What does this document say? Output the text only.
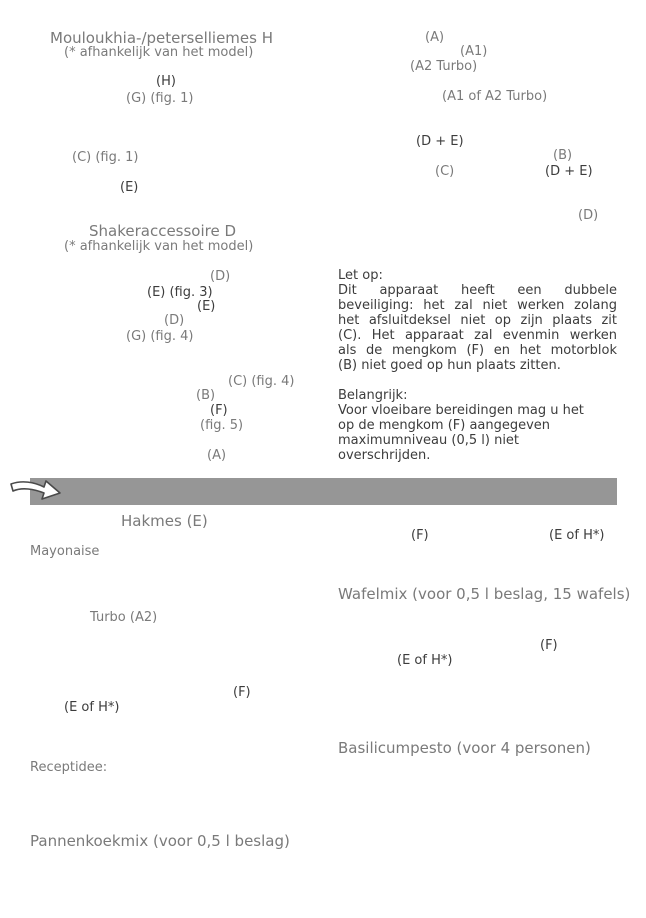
Mouloukhia-/peterselliemes H
(* afhankelijk van het model)
(H)
(G) (fig. 1)
(C) (fig. 1)
(E)
Shakeraccessoire D
(* afhankelijk van het model)
(D)
(E) (fig. 3)
(E)
(D)
(G) (fig. 4)
(C) (fig. 4)
(B)
(F)
(fig. 5)
(A)
(A)
(A1)
(A2 Turbo)
(A1 of A2 Turbo)
(D + E)
(B)
(C)	(D + E)
(D)
Let op:
Dit apparaat heeft een dubbele
beveiliging: het zal niet werken zolang
het afsluitdeksel niet op zijn plaats zit
(C). Het apparaat zal evenmin werken
als de mengkom (F) en het motorblok
(B) niet goed op hun plaats zitten.
Belangrijk:
Voor vloeibare bereidingen mag u het
op de mengkom (F) aangegeven
maximumniveau (0,5 l) niet
overschrijden.
Hakmes (E)
Mayonaise
Turbo (A2)
(F)
(E of H*)
Receptidee:
Pannenkoekmix (voor 0,5 l beslag)
(F)	(E of H*)
Wafelmix (voor 0,5 l beslag, 15 wafels)
(F)
(E of H*)
Basilicumpesto (voor 4 personen)
